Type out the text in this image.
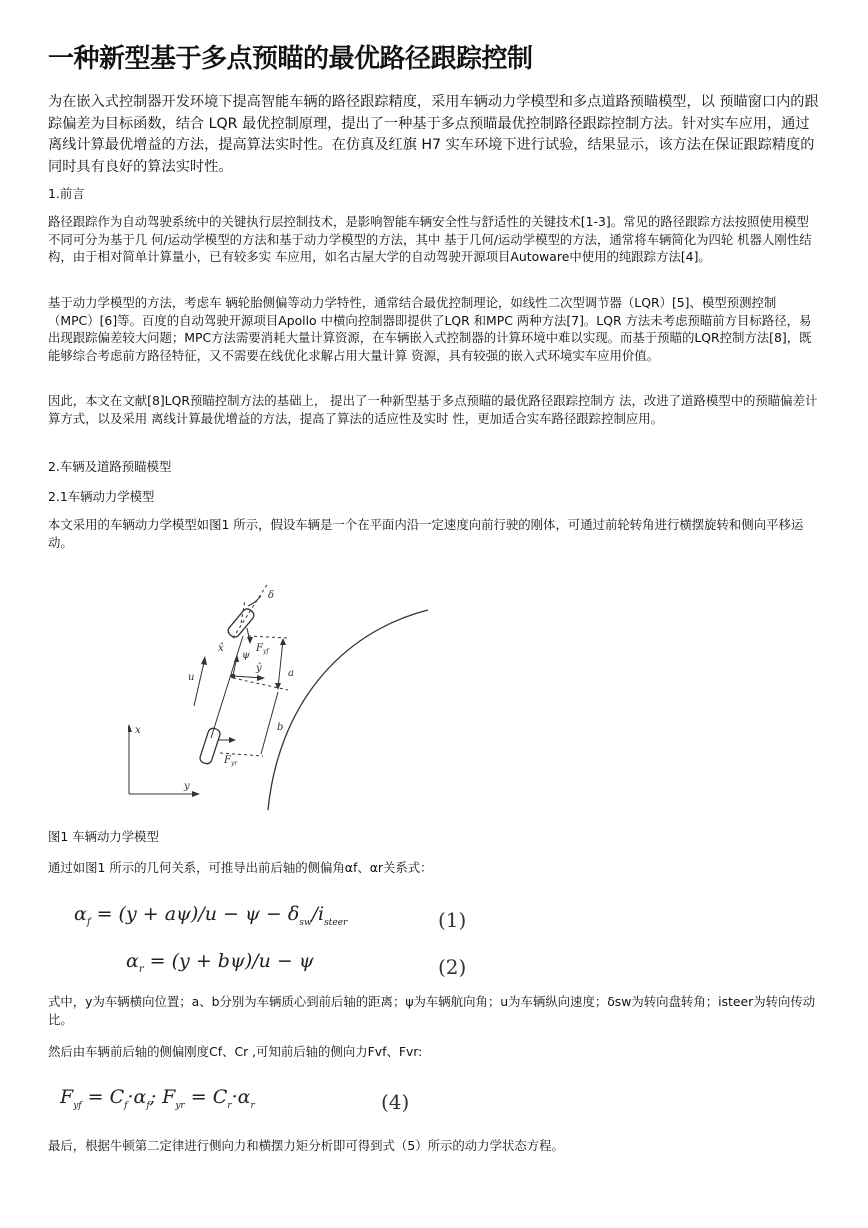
一种新型基于多点预瞄的最优路径跟踪控制

为在嵌入式控制器开发环境下提高智能车辆的路径跟踪精度，采用车辆动力学模型和多点道路预瞄模型，以 预瞄窗口内的跟踪偏差为目标函数，结合 LQR 最优控制原理，提出了一种基于多点预瞄最优控制路径跟踪控制方法。针对实车应用，通过离线计算最优增益的方法，提高算法实时性。在仿真及红旗 H7 实车环境下进行试验，结果显示，该方法在保证跟踪精度的同时具有良好的算法实时性。

1.前言

路径跟踪作为自动驾驶系统中的关键执行层控制技术，是影响智能车辆安全性与舒适性的关键技术[1-3]。常见的路径跟踪方法按照使用模型不同可分为基于几 何/运动学模型的方法和基于动力学模型的方法，其中 基于几何/运动学模型的方法，通常将车辆简化为四轮 机器人刚性结构，由于相对简单计算量小，已有较多实 车应用，如名古屋大学的自动驾驶开源项目Autoware中使用的纯跟踪方法[4]。

基于动力学模型的方法，考虑车 辆轮胎侧偏等动力学特性，通常结合最优控制理论，如线性二次型调节器（LQR）[5]、模型预测控制（MPC）[6]等。百度的自动驾驶开源项目Apollo 中横向控制器即提供了LQR 和MPC 两种方法[7]。LQR 方法未考虑预瞄前方目标路径，易出现跟踪偏差较大问题；MPC方法需要消耗大量计算资源，在车辆嵌入式控制器的计算环境中难以实现。而基于预瞄的LQR控制方法[8]，既能够综合考虑前方路径特征，又不需要在线优化求解占用大量计算 资源，具有较强的嵌入式环境实车应用价值。

因此，本文在文献[8]LQR预瞄控制方法的基础上， 提出了一种新型基于多点预瞄的最优路径跟踪控制方 法，改进了道路模型中的预瞄偏差计算方式，以及采用 离线计算最优增益的方法，提高了算法的适应性及实时 性，更加适合实车路径跟踪控制应用。

2.车辆及道路预瞄模型

2.1车辆动力学模型

本文采用的车辆动力学模型如图1 所示，假设车辆是一个在平面内沿一定速度向前行驶的刚体，可通过前轮转角进行横摆旋转和侧向平移运动。

δ
x̂
ψ
ŷ
u	a
b
$F_{yf}$
$F_{yr}$
x
y

图1 车辆动力学模型

通过如图1 所示的几何关系，可推导出前后轴的侧偏角αf、αr关系式：

$\alpha_f = (y + a\psi)/u - \psi - \delta_{sw}/i_{steer}$	(1)
$\alpha_r = (y + b\psi)/u - \psi$	(2)

式中，y为车辆横向位置；a、b分别为车辆质心到前后轴的距离；ψ为车辆航向角；u为车辆纵向速度；δsw为转向盘转角；isteer为转向传动比。

然后由车辆前后轴的侧偏刚度Cf、Cr ,可知前后轴的侧向力Fvf、Fvr:

$F_{yf} = C_f\cdot\alpha_f$; $F_{yr} = C_r\cdot\alpha_r$	(4)

最后，根据牛顿第二定律进行侧向力和横摆力矩分析即可得到式（5）所示的动力学状态方程。
